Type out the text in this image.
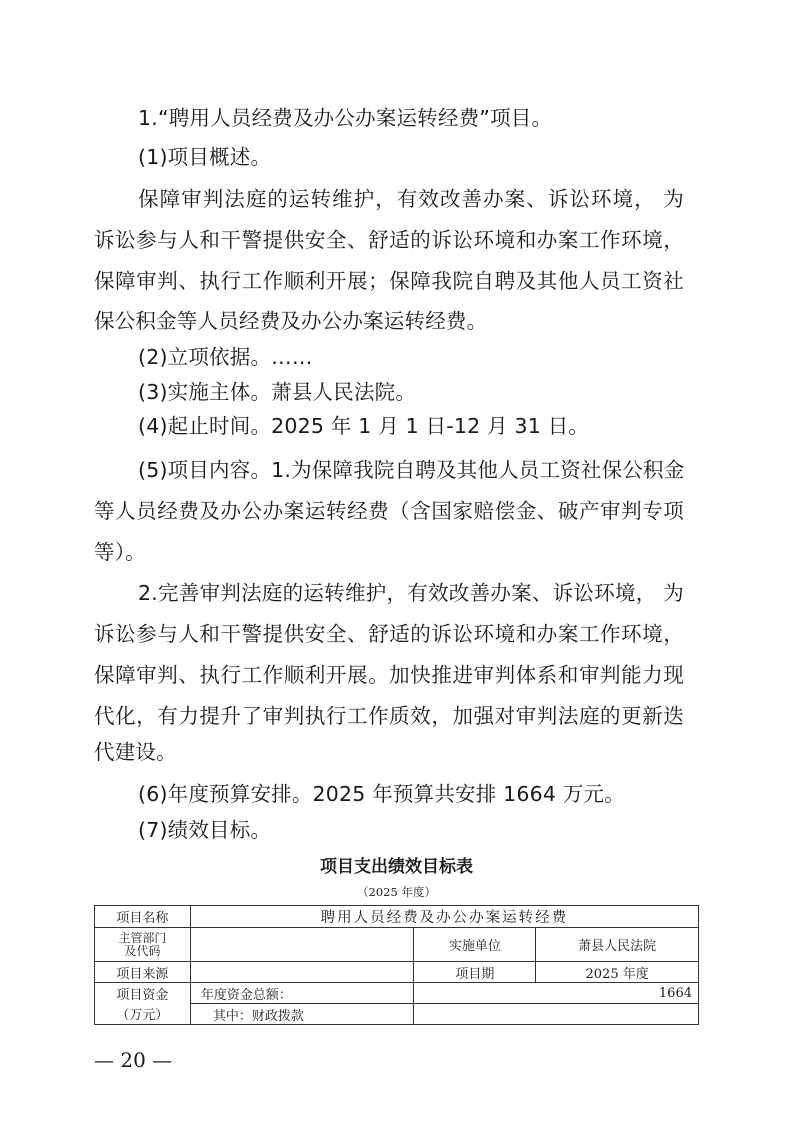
1.“聘用人员经费及办公办案运转经费”项目。
(1)项目概述。
保障审判法庭的运转维护，有效改善办案、诉讼环境， 为
诉讼参与人和干警提供安全、舒适的诉讼环境和办案工作环境，
保障审判、执行工作顺利开展；保障我院自聘及其他人员工资社
保公积金等人员经费及办公办案运转经费。
(2)立项依据。……
(3)实施主体。萧县人民法院。
(4)起止时间。2025 年 1 月 1 日-12 月 31 日。
(5)项目内容。1.为保障我院自聘及其他人员工资社保公积金
等人员经费及办公办案运转经费（含国家赔偿金、破产审判专项
等）。
2.完善审判法庭的运转维护，有效改善办案、诉讼环境， 为
诉讼参与人和干警提供安全、舒适的诉讼环境和办案工作环境，
保障审判、执行工作顺利开展。加快推进审判体系和审判能力现
代化，有力提升了审判执行工作质效，加强对审判法庭的更新迭
代建设。
(6)年度预算安排。2025 年预算共安排 1664 万元。
(7)绩效目标。
项目支出绩效目标表
（2025 年度）
项目名称	聘用人员经费及办公办案运转经费		

主管部门
及代码		实施单位	萧县人民法院
项目来源		项目期	2025 年度
项目资金	年度资金总额：	1664	
（万元）	其中：财政拨款		
— 20 —
